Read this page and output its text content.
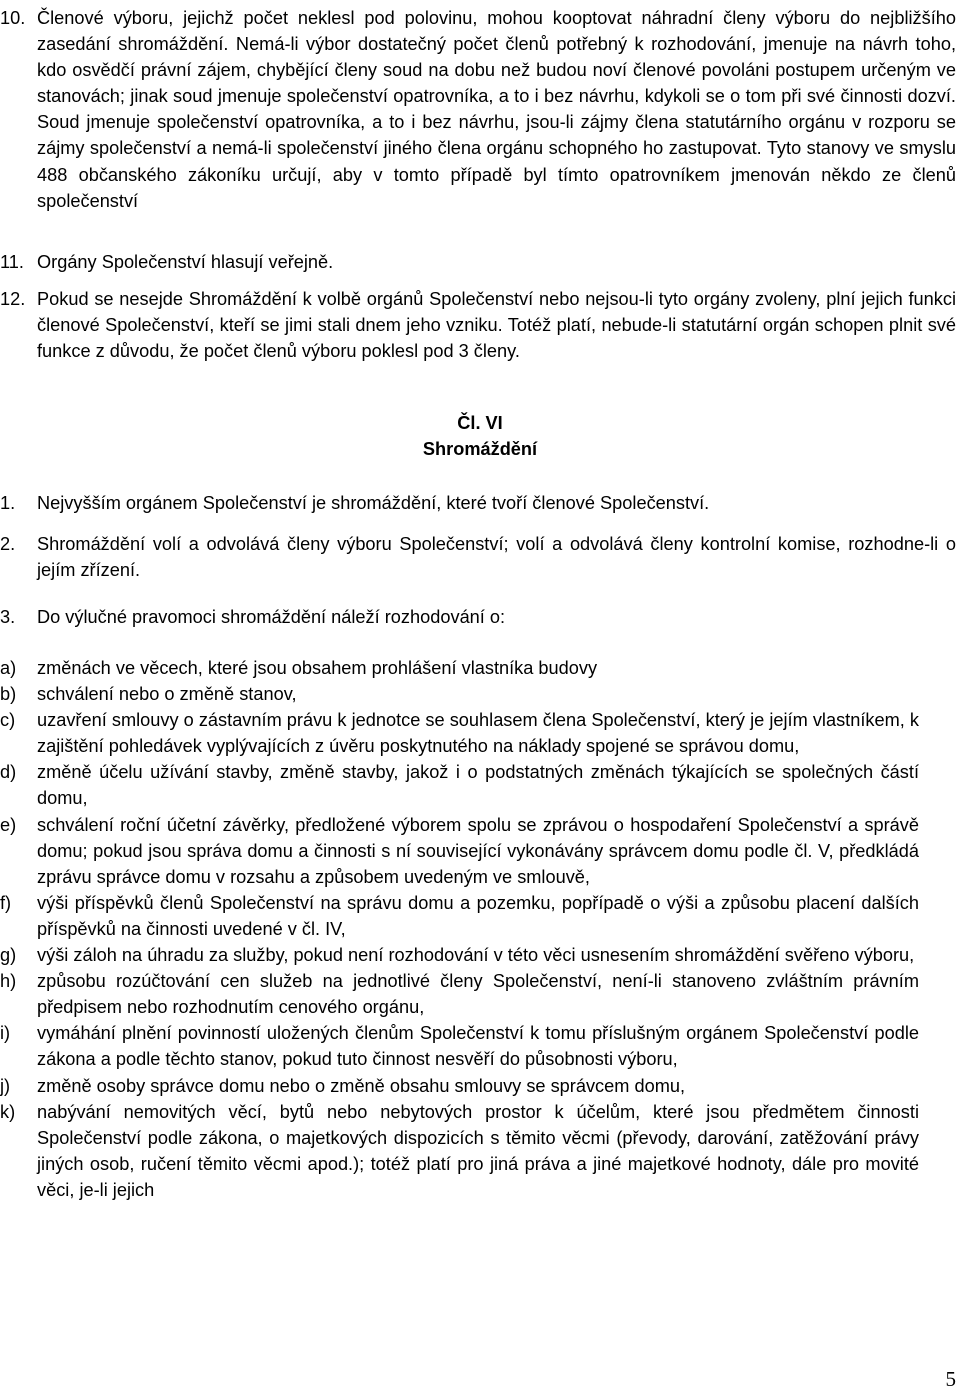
10. Členové výboru, jejichž počet neklesl pod polovinu, mohou kooptovat náhradní členy výboru do nejbližšího zasedání shromáždění. Nemá-li výbor dostatečný počet členů potřebný k rozhodování, jmenuje na návrh toho, kdo osvědčí právní zájem, chybějící členy soud na dobu než budou noví členové povoláni postupem určeným ve stanovách; jinak soud jmenuje společenství opatrovníka, a to i bez návrhu, kdykoli se o tom při své činnosti dozví. Soud jmenuje společenství opatrovníka, a to i bez návrhu, jsou-li zájmy člena statutárního orgánu v rozporu se zájmy společenství a nemá-li společenství jiného člena orgánu schopného ho zastupovat. Tyto stanovy ve smyslu 488 občanského zákoníku určují, aby v tomto případě byl tímto opatrovníkem jmenován někdo ze členů společenství
11. Orgány Společenství hlasují veřejně.
12. Pokud se nesejde Shromáždění k volbě orgánů Společenství nebo nejsou-li tyto orgány zvoleny, plní jejich funkci členové Společenství, kteří se jimi stali dnem jeho vzniku. Totéž platí, nebude-li statutární orgán schopen plnit své funkce z důvodu, že počet členů výboru poklesl pod 3 členy.
Čl. VI
Shromáždění
1. Nejvyšším orgánem Společenství je shromáždění, které tvoří členové Společenství.
2. Shromáždění volí a odvolává členy výboru Společenství; volí a odvolává členy kontrolní komise, rozhodne-li o jejím zřízení.
3. Do výlučné pravomoci shromáždění náleží rozhodování o:
a) změnách ve věcech, které jsou obsahem prohlášení vlastníka budovy
b) schválení nebo o změně stanov,
c) uzavření smlouvy o zástavním právu k jednotce se souhlasem člena Společenství, který je jejím vlastníkem, k zajištění pohledávek vyplývajících z úvěru poskytnutého na náklady spojené se správou domu,
d) změně účelu užívání stavby, změně stavby, jakož i o podstatných změnách týkajících se společných částí domu,
e) schválení roční účetní závěrky, předložené výborem spolu se zprávou o hospodaření Společenství a správě domu; pokud jsou správa domu a činnosti s ní související vykonávány správcem domu podle čl. V, předkládá zprávu správce domu v rozsahu a způsobem uvedeným ve smlouvě,
f) výši příspěvků členů Společenství na správu domu a pozemku, popřípadě o výši a způsobu placení dalších příspěvků na činnosti uvedené v čl. IV,
g) výši záloh na úhradu za služby, pokud není rozhodování v této věci usnesením shromáždění svěřeno výboru,
h) způsobu rozúčtování cen služeb na jednotlivé členy Společenství, není-li stanoveno zvláštním právním předpisem nebo rozhodnutím cenového orgánu,
i) vymáhání plnění povinností uložených členům Společenství k tomu příslušným orgánem Společenství podle zákona a podle těchto stanov, pokud tuto činnost nesvěří do působnosti výboru,
j) změně osoby správce domu nebo o změně obsahu smlouvy se správcem domu,
k) nabývání nemovitých věcí, bytů nebo nebytových prostor k účelům, které jsou předmětem činnosti Společenství podle zákona, o majetkových dispozicích s těmito věcmi (převody, darování, zatěžování právy jiných osob, ručení těmito věcmi apod.); totéž platí pro jiná práva a jiné majetkové hodnoty, dále pro movité věci, je-li jejich
5
